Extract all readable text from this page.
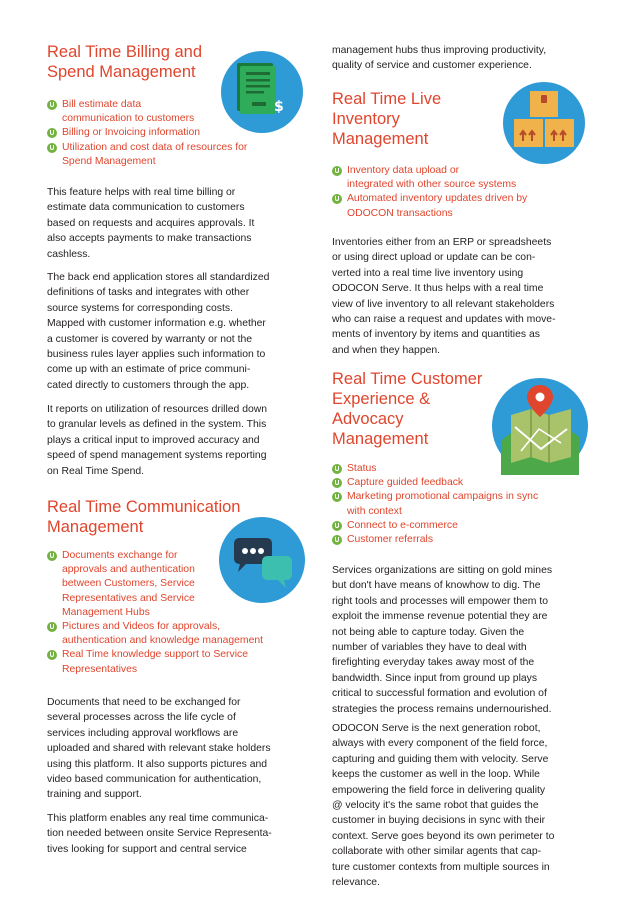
Real Time Billing and
Spend Management
Bill estimate data
communication to customers
Billing or Invoicing information
Utilization and cost data of resources for
Spend Management

This feature helps with real time billing or
estimate data communication to customers
based on requests and acquires approvals. It
also accepts payments to make transactions
cashless.

The back end application stores all standardized
definitions of tasks and integrates with other
source systems for corresponding costs.
Mapped with customer information e.g. whether
a customer is covered by warranty or not the
business rules layer applies such information to
come up with an estimate of price communi-
cated directly to customers through the app.

It reports on utilization of resources drilled down
to granular levels as defined in the system. This
plays a critical input to improved accuracy and
speed of spend management systems reporting
on Real Time Spend.

Real Time Communication
Management
Documents exchange for
approvals and authentication
between Customers, Service
Representatives and Service
Management Hubs
Pictures and Videos for approvals,
authentication and knowledge management
Real Time knowledge support to Service
Representatives

Documents that need to be exchanged for
several processes across the life cycle of
services including approval workflows are
uploaded and shared with relevant stake holders
using this platform. It also supports pictures and
video based communication for authentication,
training and support.

This platform enables any real time communica-
tion needed between onsite Service Representa-
tives looking for support and central service

$

management hubs thus improving productivity,
quality of service and customer experience.

Real Time Live
Inventory
Management
Inventory data upload or
integrated with other source systems
Automated inventory updates driven by
ODOCON transactions

Inventories either from an ERP or spreadsheets
or using direct upload or update can be con-
verted into a real time live inventory using
ODOCON Serve. It thus helps with a real time
view of live inventory to all relevant stakeholders
who can raise a request and updates with move-
ments of inventory by items and quantities as
and when they happen.

Real Time Customer
Experience &
Advocacy
Management
Status
Capture guided feedback
Marketing promotional campaigns in sync
with context
Connect to e-commerce
Customer referrals

Services organizations are sitting on gold mines
but don't have means of knowhow to dig. The
right tools and processes will empower them to
exploit the immense revenue potential they are
not being able to capture today. Given the
number of variables they have to deal with
firefighting everyday takes away most of the
bandwidth. Since input from ground up plays
critical to successful formation and evolution of
strategies the process remains undernourished.

ODOCON Serve is the next generation robot,
always with every component of the field force,
capturing and guiding them with velocity. Serve
keeps the customer as well in the loop. While
empowering the field force in delivering quality
@ velocity it's the same robot that guides the
customer in buying decisions in sync with their
context. Serve goes beyond its own perimeter to
collaborate with other similar agents that cap-
ture customer contexts from multiple sources in
relevance.
